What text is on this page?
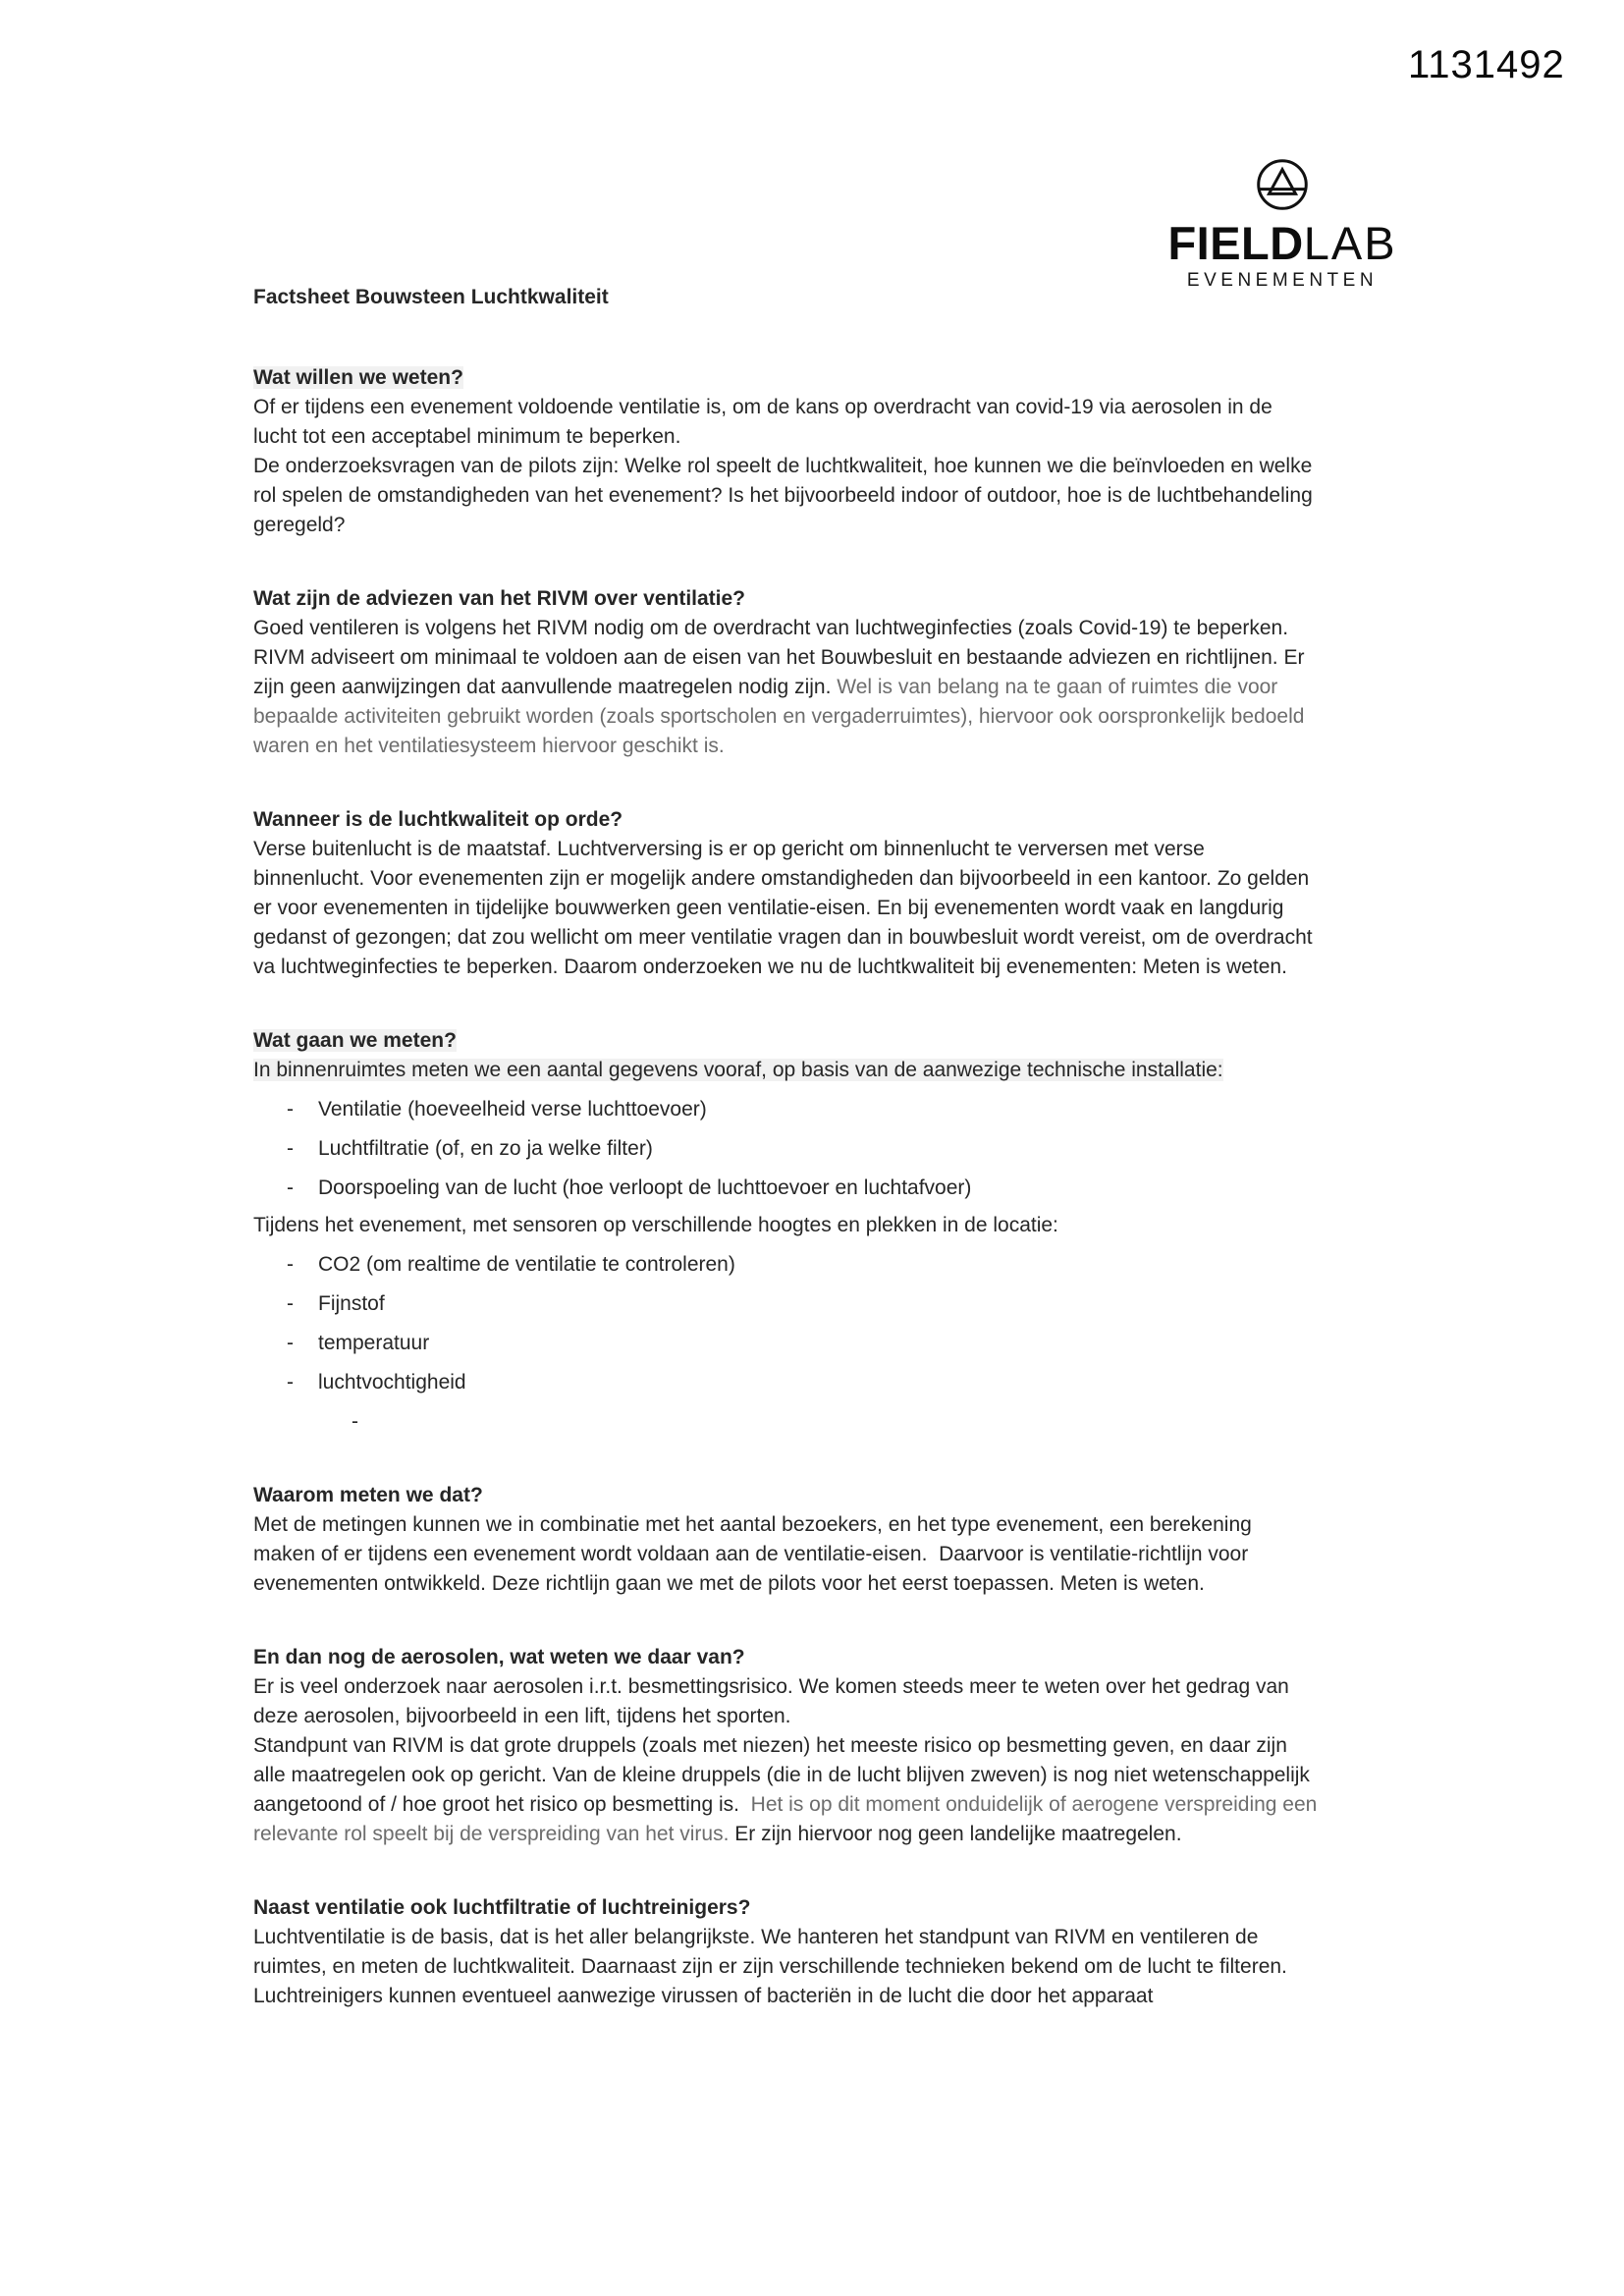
1131492
FIELDLAB
EVENEMENTEN
Factsheet Bouwsteen Luchtkwaliteit
Wat willen we weten?

Of er tijdens een evenement voldoende ventilatie is, om de kans op overdracht van covid-19 via aerosolen in de lucht tot een acceptabel minimum te beperken.

De onderzoeksvragen van de pilots zijn: Welke rol speelt de luchtkwaliteit, hoe kunnen we die beïnvloeden en welke rol spelen de omstandigheden van het evenement? Is het bijvoorbeeld indoor of outdoor, hoe is de luchtbehandeling geregeld?

Wat zijn de adviezen van het RIVM over ventilatie?

Goed ventileren is volgens het RIVM nodig om de overdracht van luchtweginfecties (zoals Covid-19) te beperken. RIVM adviseert om minimaal te voldoen aan de eisen van het Bouwbesluit en bestaande adviezen en richtlijnen. Er zijn geen aanwijzingen dat aanvullende maatregelen nodig zijn. Wel is van belang na te gaan of ruimtes die voor bepaalde activiteiten gebruikt worden (zoals sportscholen en vergaderruimtes), hiervoor ook oorspronkelijk bedoeld waren en het ventilatiesysteem hiervoor geschikt is.

Wanneer is de luchtkwaliteit op orde?

Verse buitenlucht is de maatstaf. Luchtverversing is er op gericht om binnenlucht te verversen met verse binnenlucht. Voor evenementen zijn er mogelijk andere omstandigheden dan bijvoorbeeld in een kantoor. Zo gelden er voor evenementen in tijdelijke bouwwerken geen ventilatie-eisen. En bij evenementen wordt vaak en langdurig gedanst of gezongen; dat zou wellicht om meer ventilatie vragen dan in bouwbesluit wordt vereist, om de overdracht va luchtweginfecties te beperken. Daarom onderzoeken we nu de luchtkwaliteit bij evenementen: Meten is weten.

Wat gaan we meten?

In binnenruimtes meten we een aantal gegevens vooraf, op basis van de aanwezige technische installatie:

-	Ventilatie (hoeveelheid verse luchttoevoer)
-	Luchtfiltratie (of, en zo ja welke filter)
-	Doorspoeling van de lucht (hoe verloopt de luchttoevoer en luchtafvoer)

Tijdens het evenement, met sensoren op verschillende hoogtes en plekken in de locatie:

-	CO2 (om realtime de ventilatie te controleren)
-	Fijnstof
-	temperatuur
-	luchtvochtigheid
-
Waarom meten we dat?

Met de metingen kunnen we in combinatie met het aantal bezoekers, en het type evenement, een berekening maken of er tijdens een evenement wordt voldaan aan de ventilatie-eisen.  Daarvoor is ventilatie-richtlijn voor evenementen ontwikkeld. Deze richtlijn gaan we met de pilots voor het eerst toepassen. Meten is weten.

En dan nog de aerosolen, wat weten we daar van?

Er is veel onderzoek naar aerosolen i.r.t. besmettingsrisico. We komen steeds meer te weten over het gedrag van deze aerosolen, bijvoorbeeld in een lift, tijdens het sporten.

Standpunt van RIVM is dat grote druppels (zoals met niezen) het meeste risico op besmetting geven, en daar zijn alle maatregelen ook op gericht. Van de kleine druppels (die in de lucht blijven zweven) is nog niet wetenschappelijk aangetoond of / hoe groot het risico op besmetting is.  Het is op dit moment onduidelijk of aerogene verspreiding een relevante rol speelt bij de verspreiding van het virus. Er zijn hiervoor nog geen landelijke maatregelen.

Naast ventilatie ook luchtfiltratie of luchtreinigers?

Luchtventilatie is de basis, dat is het aller belangrijkste. We hanteren het standpunt van RIVM en ventileren de ruimtes, en meten de luchtkwaliteit. Daarnaast zijn er zijn verschillende technieken bekend om de lucht te filteren. Luchtreinigers kunnen eventueel aanwezige virussen of bacteriën in de lucht die door het apparaat
